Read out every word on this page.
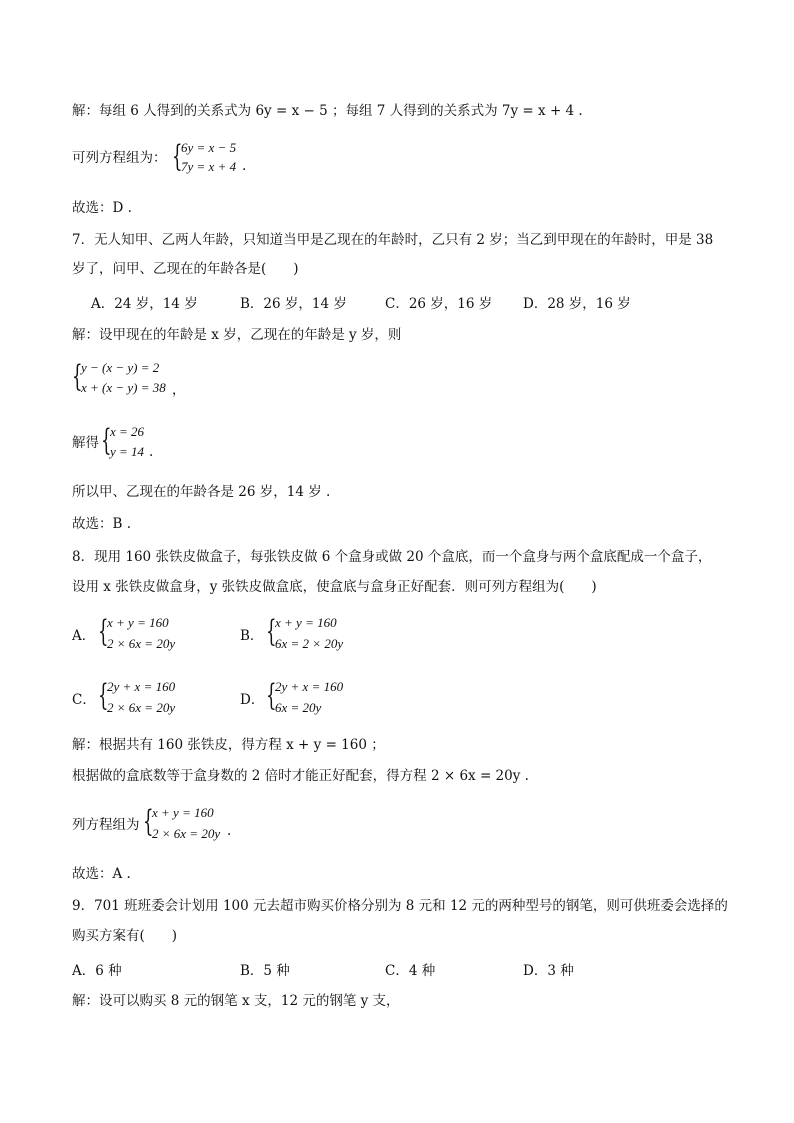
解：每组 6 人得到的关系式为 6y = x − 5 ；每组 7 人得到的关系式为 7y = x + 4 .
可列方程组为： {
6y = x − 5
7y = x + 4 .
故选：D .
7．无人知甲、乙两人年龄，只知道当甲是乙现在的年龄时，乙只有 2 岁；当乙到甲现在的年龄时，甲是 38
岁了，问甲、乙现在的年龄各是(　　)
A．24 岁，14 岁	B．26 岁，14 岁	C．26 岁，16 岁 D．28 岁，16 岁
解：设甲现在的年龄是 x 岁，乙现在的年龄是 y 岁，则
{
y − (x − y) = 2
x + (x − y) = 38 ，
解得 {
x = 26
y = 14 .
所以甲、乙现在的年龄各是 26 岁，14 岁 .
故选：B .
8．现用 160 张铁皮做盒子，每张铁皮做 6 个盒身或做 20 个盒底，而一个盒身与两个盒底配成一个盒子，
设用 x 张铁皮做盒身，y 张铁皮做盒底，使盒底与盒身正好配套．则可列方程组为(　　)
A． {
x + y = 160
2 × 6x = 20y	B． {
x + y = 160
6x = 2 × 20y
C． {
2y + x = 160
2 × 6x = 20y	D． {
2y + x = 160
6x = 20y
解：根据共有 160 张铁皮，得方程 x + y = 160 ；
根据做的盒底数等于盒身数的 2 倍时才能正好配套，得方程 2 × 6x = 20y .
列方程组为 {
x + y = 160
2 × 6x = 20y .
故选：A .
9．701 班班委会计划用 100 元去超市购买价格分别为 8 元和 12 元的两种型号的钢笔，则可供班委会选择的
购买方案有(　　)
A．6 种	B．5 种	C．4 种	D．3 种
解：设可以购买 8 元的钢笔 x 支，12 元的钢笔 y 支，
